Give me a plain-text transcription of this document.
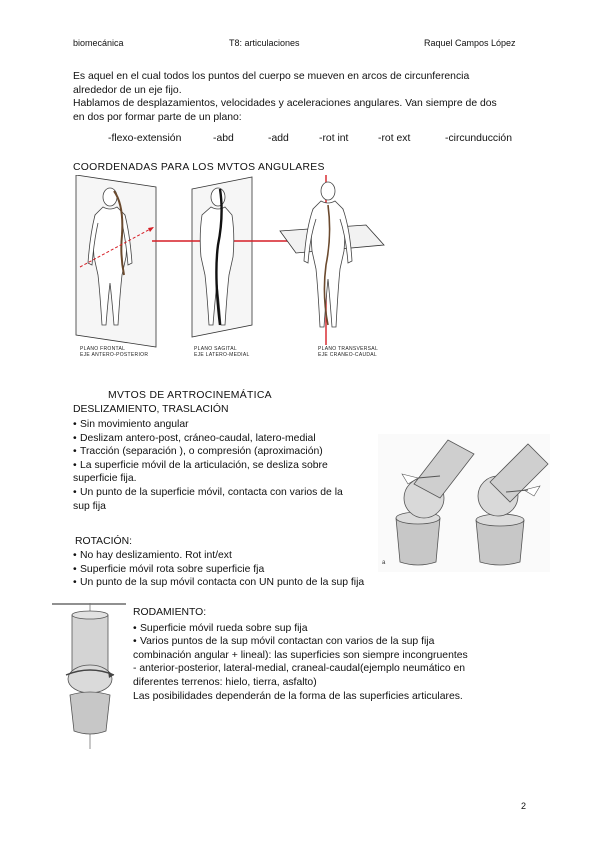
biomecánica	T8: articulaciones	Raquel Campos López
Es aquel en el cual todos los puntos del cuerpo se mueven en arcos de circunferencia
alrededor de un eje fijo.
Hablamos de desplazamientos, velocidades y aceleraciones angulares. Van siempre de dos
en dos por formar parte de un plano:
-flexo-extensión	-abd	-add	-rot int	-rot ext	-circunducción
COORDENADAS PARA LOS MVTOS ANGULARES
PLANO FRONTAL
EJE ANTERO-POSTERIOR
PLANO SAGITAL
EJE LATERO-MEDIAL
PLANO TRANSVERSAL
EJE CRANEO-CAUDAL
MVTOS DE ARTROCINEMÁTICA
DESLIZAMIENTO, TRASLACIÓN
• Sin movimiento angular
• Deslizam antero-post, cráneo-caudal, latero-medial
• Tracción (separación ), o compresión (aproximación)
• La superficie móvil de la articulación, se desliza sobre
superficie fija.
• Un punto de la superficie móvil, contacta con varios de la
sup fija
a
ROTACIÓN:
• No hay deslizamiento. Rot int/ext
• Superficie móvil rota sobre superficie fja
• Un punto de la sup móvil contacta con UN punto de la sup fija
RODAMIENTO:
• Superficie móvil rueda sobre sup fija
• Varios puntos de la sup móvil contactan con varios de la sup fija
combinación angular + lineal): las superficies son siempre incongruentes
- anterior-posterior, lateral-medial, craneal-caudal(ejemplo neumático en
diferentes terrenos: hielo, tierra, asfalto)
Las posibilidades dependerán de la forma de las superficies articulares.
2
